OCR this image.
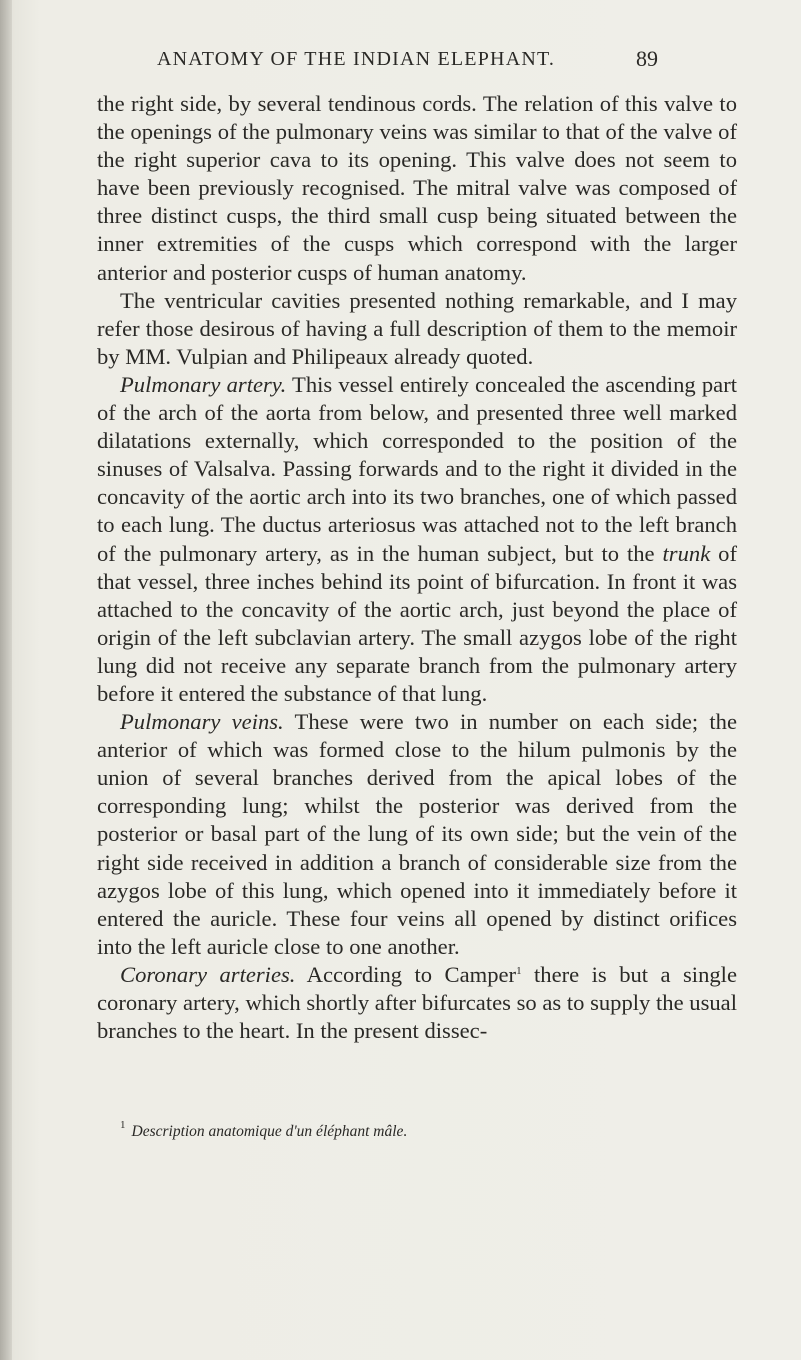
ANATOMY OF THE INDIAN ELEPHANT.	89

the right side, by several tendinous cords. The relation of this valve to the openings of the pulmonary veins was similar to that of the valve of the right superior cava to its opening. This valve does not seem to have been previously recognised. The mitral valve was composed of three distinct cusps, the third small cusp being situated between the inner extremities of the cusps which correspond with the larger anterior and posterior cusps of human anatomy.

The ventricular cavities presented nothing remarkable, and I may refer those desirous of having a full description of them to the memoir by MM. Vulpian and Philipeaux already quoted.

Pulmonary artery. This vessel entirely concealed the ascending part of the arch of the aorta from below, and presented three well marked dilatations externally, which corresponded to the position of the sinuses of Valsalva. Passing forwards and to the right it divided in the concavity of the aortic arch into its two branches, one of which passed to each lung. The ductus arteriosus was attached not to the left branch of the pulmonary artery, as in the human subject, but to the trunk of that vessel, three inches behind its point of bifurcation. In front it was attached to the concavity of the aortic arch, just beyond the place of origin of the left subclavian artery. The small azygos lobe of the right lung did not receive any separate branch from the pulmonary artery before it entered the substance of that lung.

Pulmonary veins. These were two in number on each side; the anterior of which was formed close to the hilum pulmonis by the union of several branches derived from the apical lobes of the corresponding lung; whilst the posterior was derived from the posterior or basal part of the lung of its own side; but the vein of the right side received in addition a branch of considerable size from the azygos lobe of this lung, which opened into it immediately before it entered the auricle. These four veins all opened by distinct orifices into the left auricle close to one another.

Coronary arteries. According to Camper$^1$ there is but a single coronary artery, which shortly after bifurcates so as to supply the usual branches to the heart. In the present dissec-

$^1$ Description anatomique d'un éléphant mâle.
